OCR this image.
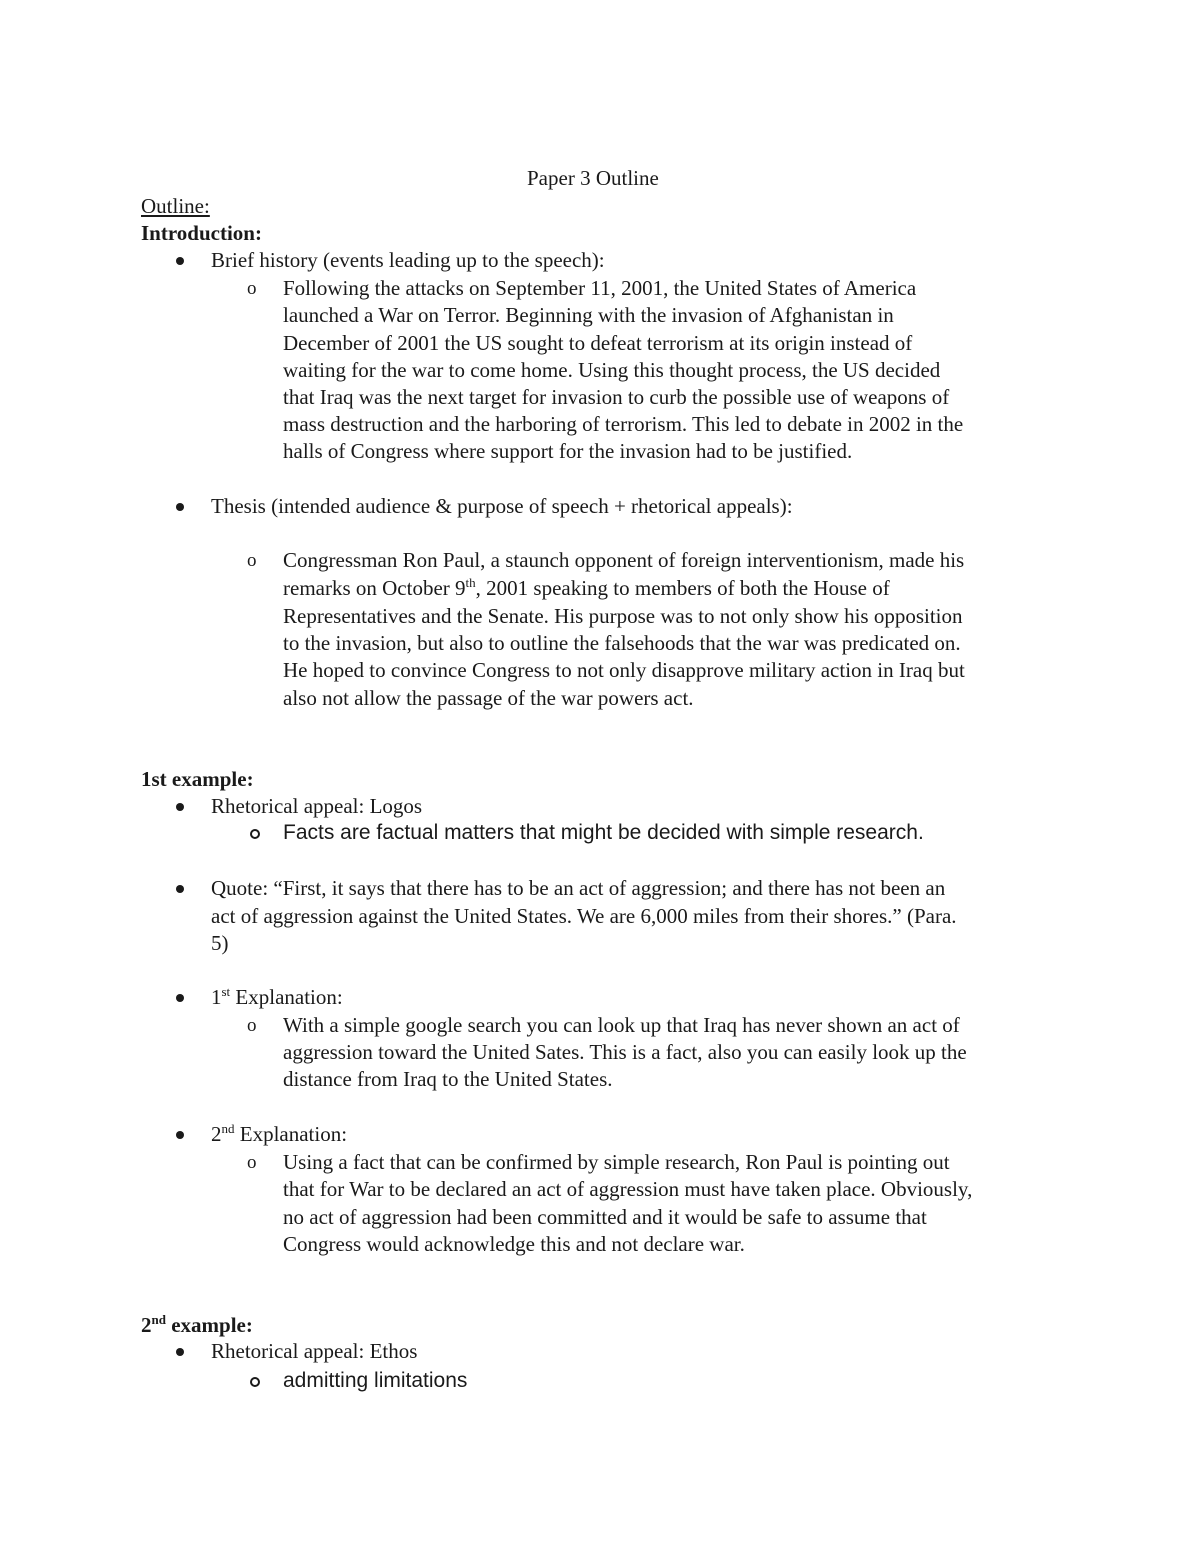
Paper 3 Outline
Outline:
Introduction:
Brief history (events leading up to the speech):
o Following the attacks on September 11, 2001, the United States of America
launched a War on Terror. Beginning with the invasion of Afghanistan in
December of 2001 the US sought to defeat terrorism at its origin instead of
waiting for the war to come home. Using this thought process, the US decided
that Iraq was the next target for invasion to curb the possible use of weapons of
mass destruction and the harboring of terrorism. This led to debate in 2002 in the
halls of Congress where support for the invasion had to be justified.
Thesis (intended audience & purpose of speech + rhetorical appeals):
o Congressman Ron Paul, a staunch opponent of foreign interventionism, made his
remarks on October 9th, 2001 speaking to members of both the House of
Representatives and the Senate. His purpose was to not only show his opposition
to the invasion, but also to outline the falsehoods that the war was predicated on.
He hoped to convince Congress to not only disapprove military action in Iraq but
also not allow the passage of the war powers act.
1st example:
Rhetorical appeal: Logos
Facts are factual matters that might be decided with simple research.
Quote: “First, it says that there has to be an act of aggression; and there has not been an
act of aggression against the United States. We are 6,000 miles from their shores.” (Para.
5)
1st Explanation:
o With a simple google search you can look up that Iraq has never shown an act of
aggression toward the United Sates. This is a fact, also you can easily look up the
distance from Iraq to the United States.
2nd Explanation:
o Using a fact that can be confirmed by simple research, Ron Paul is pointing out
that for War to be declared an act of aggression must have taken place. Obviously,
no act of aggression had been committed and it would be safe to assume that
Congress would acknowledge this and not declare war.
2nd example:
Rhetorical appeal: Ethos
admitting limitations
